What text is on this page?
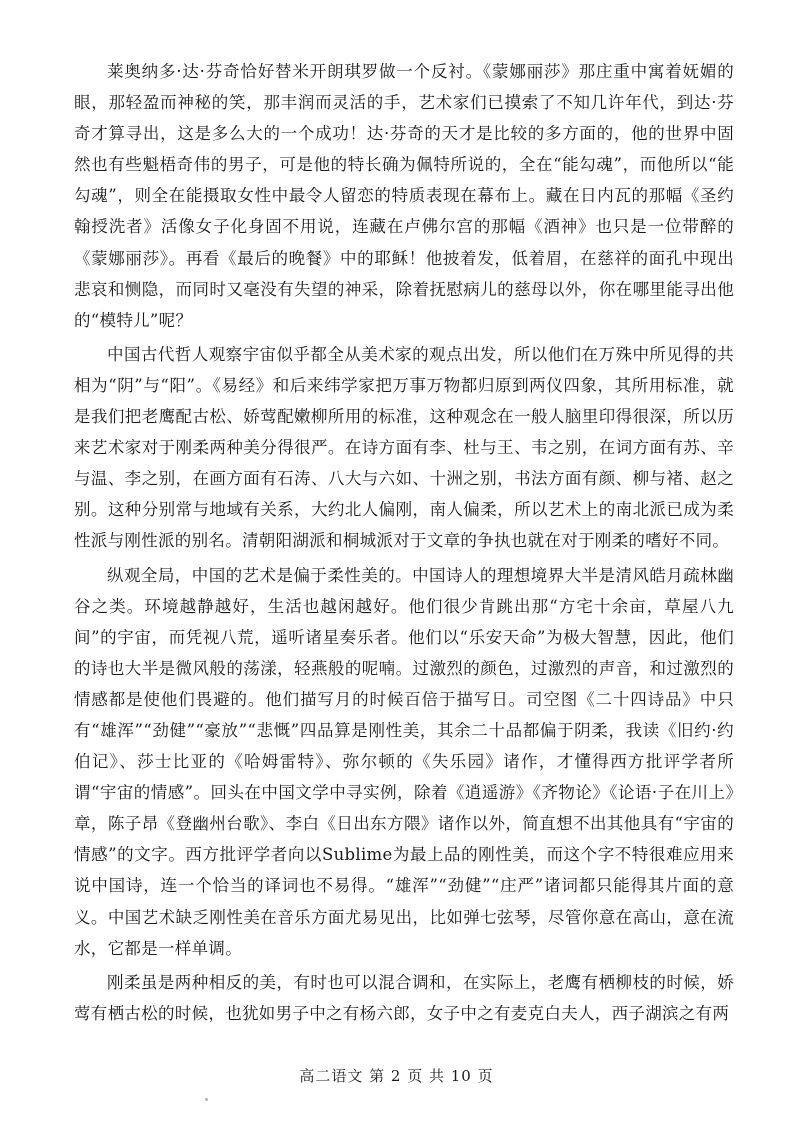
莱奥纳多·达·芬奇恰好替米开朗琪罗做一个反衬。《蒙娜丽莎》那庄重中寓着妩媚的眼，那轻盈而神秘的笑，那丰润而灵活的手，艺术家们已摸索了不知几许年代，到达·芬奇才算寻出，这是多么大的一个成功！达·芬奇的天才是比较的多方面的，他的世界中固然也有些魁梧奇伟的男子，可是他的特长确为佩特所说的，全在“能勾魂”，而他所以“能勾魂”，则全在能摄取女性中最令人留恋的特质表现在幕布上。藏在日内瓦的那幅《圣约翰授洗者》活像女子化身固不用说，连藏在卢佛尔宫的那幅《酒神》也只是一位带醉的《蒙娜丽莎》。再看《最后的晚餐》中的耶稣！他披着发，低着眉，在慈祥的面孔中现出悲哀和恻隐，而同时又毫没有失望的神采，除着抚慰病儿的慈母以外，你在哪里能寻出他的“模特儿”呢？

中国古代哲人观察宇宙似乎都全从美术家的观点出发，所以他们在万殊中所见得的共相为“阴”与“阳”。《易经》和后来纬学家把万事万物都归原到两仪四象，其所用标准，就是我们把老鹰配古松、娇莺配嫩柳所用的标准，这种观念在一般人脑里印得很深，所以历来艺术家对于刚柔两种美分得很严。在诗方面有李、杜与王、韦之别，在词方面有苏、辛与温、李之别，在画方面有石涛、八大与六如、十洲之别，书法方面有颜、柳与褚、赵之别。这种分别常与地域有关系，大约北人偏刚，南人偏柔，所以艺术上的南北派已成为柔性派与刚性派的别名。清朝阳湖派和桐城派对于文章的争执也就在对于刚柔的嗜好不同。

纵观全局，中国的艺术是偏于柔性美的。中国诗人的理想境界大半是清风皓月疏林幽谷之类。环境越静越好，生活也越闲越好。他们很少肯跳出那“方宅十余亩，草屋八九间”的宇宙，而凭视八荒，遥听诸星奏乐者。他们以“乐安天命”为极大智慧，因此，他们的诗也大半是微风般的荡漾，轻燕般的呢喃。过激烈的颜色，过激烈的声音，和过激烈的情感都是使他们畏避的。他们描写月的时候百倍于描写日。司空图《二十四诗品》中只有“雄浑”“劲健”“豪放”“悲慨”四品算是刚性美，其余二十品都偏于阴柔，我读《旧约·约伯记》、莎士比亚的《哈姆雷特》、弥尔顿的《失乐园》诸作，才懂得西方批评学者所谓“宇宙的情感”。回头在中国文学中寻实例，除着《逍遥游》《齐物论》《论语·子在川上》章，陈子昂《登幽州台歌》、李白《日出东方隈》诸作以外，简直想不出其他具有“宇宙的情感”的文字。西方批评学者向以Sublime为最上品的刚性美，而这个字不特很难应用来说中国诗，连一个恰当的译词也不易得。“雄浑”“劲健”“庄严”诸词都只能得其片面的意义。中国艺术缺乏刚性美在音乐方面尤易见出，比如弹七弦琴，尽管你意在高山，意在流水，它都是一样单调。

刚柔虽是两种相反的美，有时也可以混合调和，在实际上，老鹰有栖柳枝的时候，娇莺有栖古松的时候，也犹如男子中之有杨六郎，女子中之有麦克白夫人，西子湖滨之有两

高二语文 第 2 页 共 10 页
